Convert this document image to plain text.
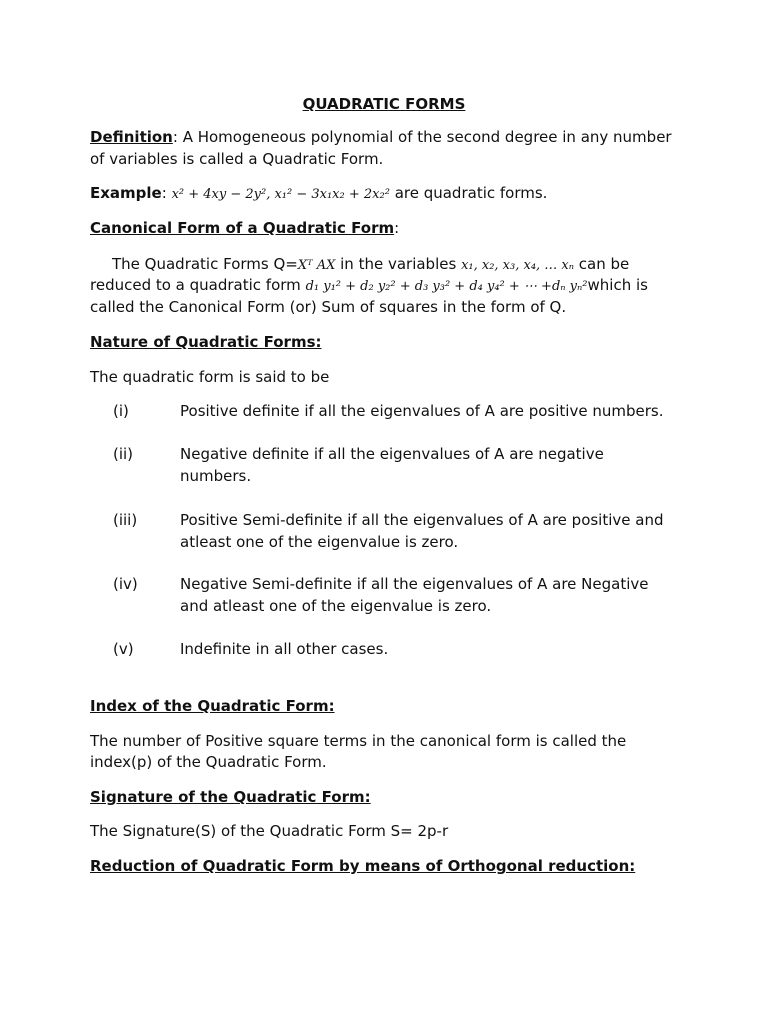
QUADRATIC FORMS
Definition: A Homogeneous polynomial of the second degree in any number
of variables is called a Quadratic Form.
Example: x² + 4xy − 2y², x₁² − 3x₁x₂ + 2x₂² are quadratic forms.
Canonical Form of a Quadratic Form:
The Quadratic Forms Q=Xᵀ AX in the variables x₁, x₂, x₃, x₄, … xₙ can be
reduced to a quadratic form d₁ y₁² + d₂ y₂² + d₃ y₃² + d₄ y₄² + ⋯ +dₙ yₙ²which is
called the Canonical Form (or) Sum of squares in the form of Q.
Nature of Quadratic Forms:
The quadratic form is said to be
(i)	Positive definite if all the eigenvalues of A are positive numbers.
(ii)	Negative definite if all the eigenvalues of A are negative
numbers.
(iii)	Positive Semi-definite if all the eigenvalues of A are positive and
atleast one of the eigenvalue is zero.
(iv)	Negative Semi-definite if all the eigenvalues of A are Negative
and atleast one of the eigenvalue is zero.
(v)	Indefinite in all other cases.
Index of the Quadratic Form:
The number of Positive square terms in the canonical form is called the
index(p) of the Quadratic Form.
Signature of the Quadratic Form:
The Signature(S) of the Quadratic Form S= 2p-r
Reduction of Quadratic Form by means of Orthogonal reduction:
